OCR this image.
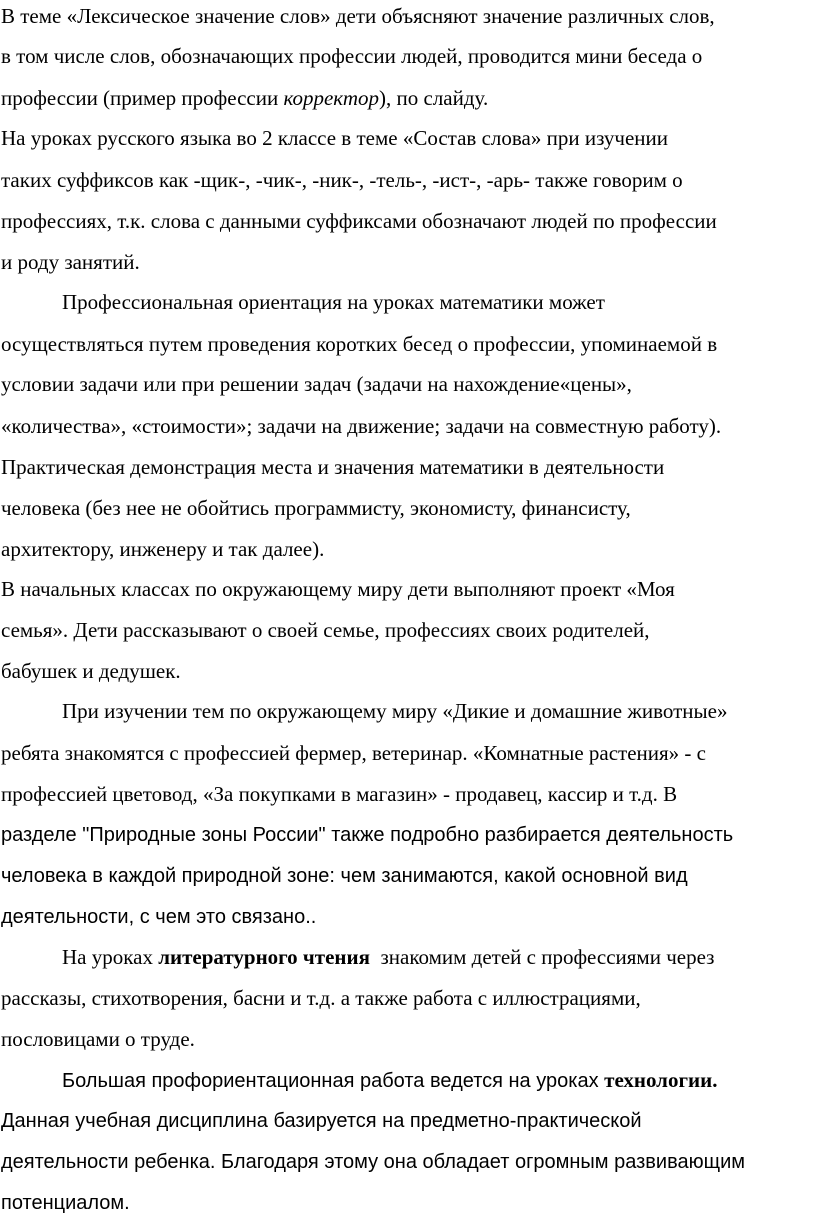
В теме «Лексическое значение слов» дети объясняют значение различных слов,
в том числе слов, обозначающих профессии людей, проводится мини беседа о
профессии (пример профессии корректор), по слайду.
На уроках русского языка во 2 классе в теме «Состав слова» при изучении
таких суффиксов как -щик-, -чик-, -ник-, -тель-, -ист-, -арь- также говорим о
профессиях, т.к. слова с данными суффиксами обозначают людей по профессии
и роду занятий.
Профессиональная ориентация на уроках математики может
осуществляться путем проведения коротких бесед о профессии, упоминаемой в
условии задачи или при решении задач (задачи на нахождение«цены»,
«количества», «стоимости»; задачи на движение; задачи на совместную работу).
Практическая демонстрация места и значения математики в деятельности
человека (без нее не обойтись программисту, экономисту, финансисту,
архитектору, инженеру и так далее).
В начальных классах по окружающему миру дети выполняют проект «Моя
семья». Дети рассказывают о своей семье, профессиях своих родителей,
бабушек и дедушек.
При изучении тем по окружающему миру «Дикие и домашние животные»
ребята знакомятся с профессией фермер, ветеринар. «Комнатные растения» - с
профессией цветовод, «За покупками в магазин» - продавец, кассир и т.д. В
разделе "Природные зоны России" также подробно разбирается деятельность
человека в каждой природной зоне: чем занимаются, какой основной вид
деятельности, с чем это связано..
На уроках литературного чтения  знакомим детей с профессиями через
рассказы, стихотворения, басни и т.д. а также работа с иллюстрациями,
пословицами о труде.
Большая профориентационная работа ведется на уроках технологии.
Данная учебная дисциплина базируется на предметно-практической
деятельности ребенка. Благодаря этому она обладает огромным развивающим
потенциалом.
